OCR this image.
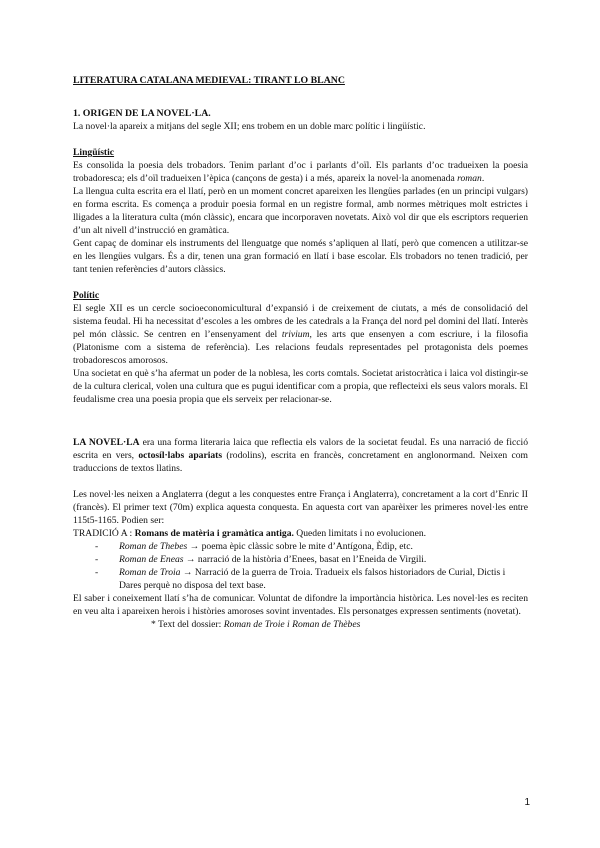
LITERATURA CATALANA MEDIEVAL: TIRANT LO BLANC
1. ORIGEN DE LA NOVEL·LA.
La novel·la apareix a mitjans del segle XII; ens trobem en un doble marc polític i lingüístic.
Lingüístic
Es consolida la poesia dels trobadors. Tenim parlant d’oc i parlants d’oïl. Els parlants d’oc tradueixen la poesia trobadoresca; els d’oïl tradueixen l’èpica (cançons de gesta) i a més, apareix la novel·la anomenada roman.
La llengua culta escrita era el llatí, però en un moment concret apareixen les llengües parlades (en un principi vulgars) en forma escrita. Es comença a produir poesia formal en un registre formal, amb normes mètriques molt estrictes i lligades a la literatura culta (món clàssic), encara que incorporaven novetats. Això vol dir que els escriptors requerien d’un alt nivell d’instrucció en gramàtica.
Gent capaç de dominar els instruments del llenguatge que només s’apliquen al llatí, però que comencen a utilitzar-se en les llengües vulgars. És a dir, tenen una gran formació en llatí i base escolar. Els trobadors no tenen tradició, per tant tenien referències d’autors clàssics.
Polític
El segle XII es un cercle socioeconomicultural d’expansió i de creixement de ciutats, a més de consolidació del sistema feudal. Hi ha necessitat d’escoles a les ombres de les catedrals a la França del nord pel domini del llatí. Interès pel món clàssic. Se centren en l’ensenyament del trivium, les arts que ensenyen a com escriure, i la filosofia (Platonisme com a sistema de referència). Les relacions feudals representades pel protagonista dels poemes trobadorescos amorosos.
Una societat en què s’ha afermat un poder de la noblesa, les corts comtals. Societat aristocràtica i laica vol distingir-se de la cultura clerical, volen una cultura que es pugui identificar com a propia, que reflecteixi els seus valors morals. El feudalisme crea una poesia propia que els serveix per relacionar-se.
LA NOVEL·LA era una forma literaria laica que reflectia els valors de la societat feudal. Es una narració de ficció escrita en vers, octosíl·labs apariats (rodolins), escrita en francès, concretament en anglonormand. Neixen com traduccions de textos llatins.
Les novel·les neixen a Anglaterra (degut a les conquestes entre França i Anglaterra), concretament a la cort d’Enric II (francès). El primer text (70m) explica aquesta conquesta. En aquesta cort van aparèixer les primeres novel·les entre 115t5-1165. Podien ser:
TRADICIÓ A : Romans de matèria i gramàtica antiga. Queden limitats i no evolucionen.
-	Roman de Thebes → poema èpic clàssic sobre le mite d’Antígona, Èdip, etc.
-	Roman de Eneas → narració de la història d’Enees, basat en l’Eneida de Virgili.
-	Roman de Troia → Narració de la guerra de Troia. Tradueix els falsos historiadors de Curial, Dictis i Dares perquè no disposa del text base.
El saber i coneixement llatí s’ha de comunicar. Voluntat de difondre la importància històrica. Les novel·les es reciten en veu alta i apareixen herois i històries amoroses sovint inventades. Els personatges expressen sentiments (novetat).
* Text del dossier: Roman de Troie i Roman de Thèbes
1
